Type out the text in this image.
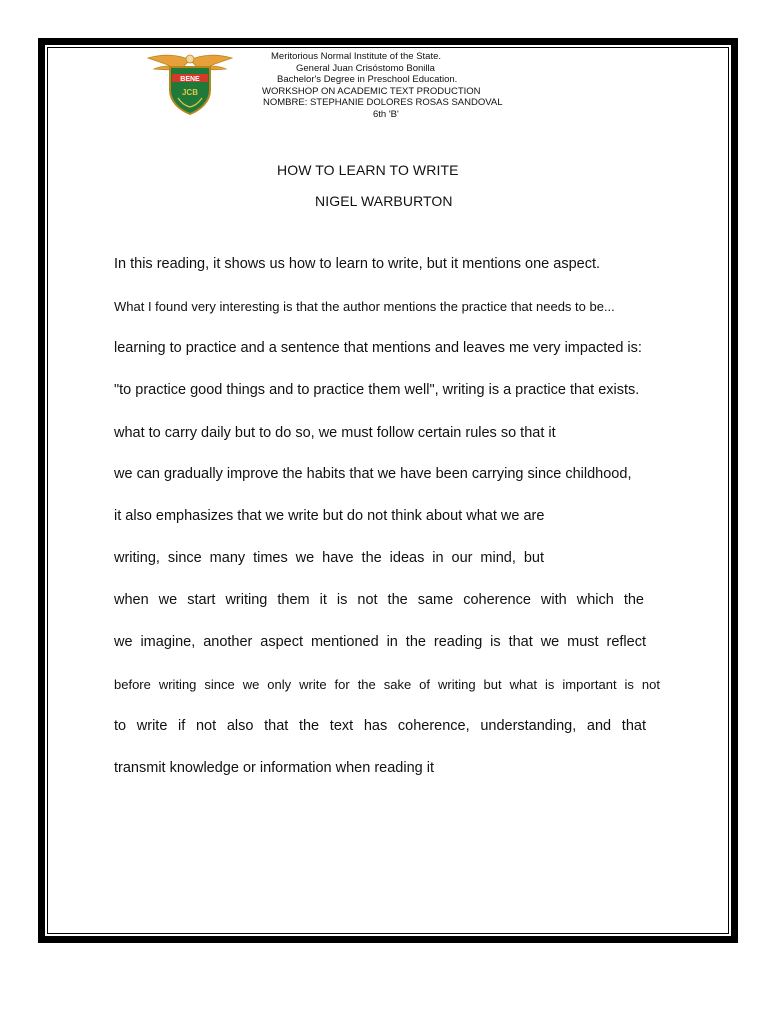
BENE
JCB
Meritorious Normal Institute of the State.
General Juan Crisóstomo Bonilla
Bachelor's Degree in Preschool Education.
WORKSHOP ON ACADEMIC TEXT PRODUCTION
NOMBRE: STEPHANIE DOLORES ROSAS SANDOVAL
6th 'B'
HOW TO LEARN TO WRITE
NIGEL WARBURTON
In this reading, it shows us how to learn to write, but it mentions one aspect.
What I found very interesting is that the author mentions the practice that needs to be...
learning to practice and a sentence that mentions and leaves me very impacted is:
"to practice good things and to practice them well", writing is a practice that exists.
what to carry daily but to do so, we must follow certain rules so that it
we can gradually improve the habits that we have been carrying since childhood,
it also emphasizes that we write but do not think about what we are
writing, since many times we have the ideas in our mind, but
when we start writing them it is not the same coherence with which the
we imagine, another aspect mentioned in the reading is that we must reflect
before writing since we only write for the sake of writing but what is important is not
to write if not also that the text has coherence, understanding, and that
transmit knowledge or information when reading it
